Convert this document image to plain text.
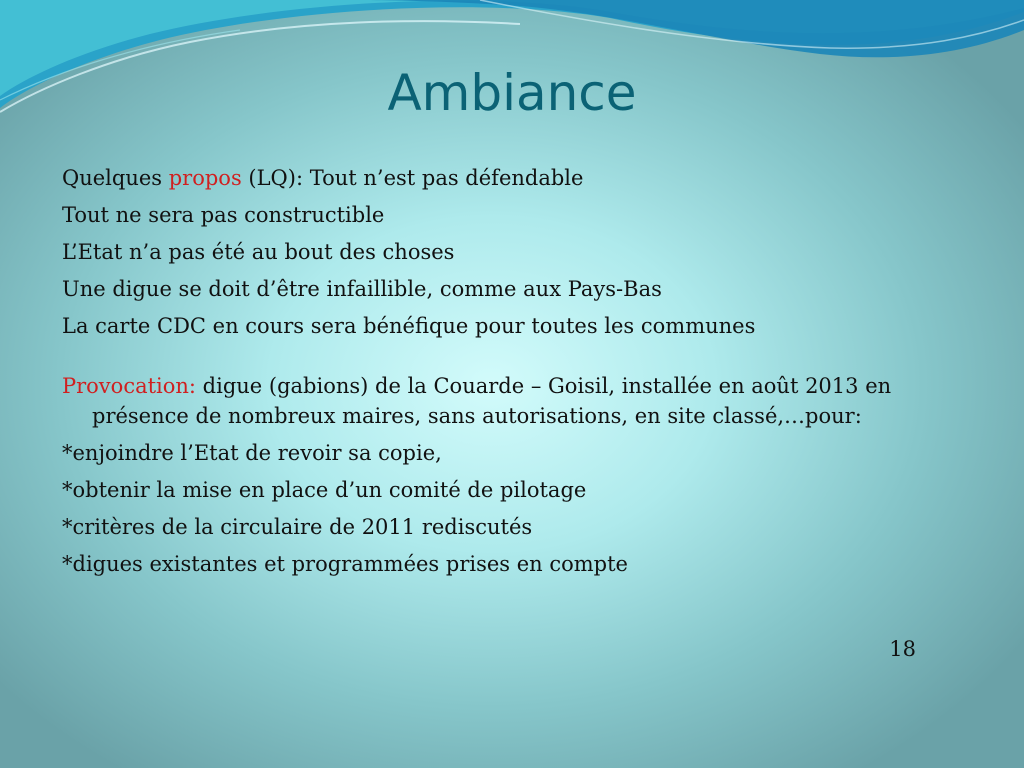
Ambiance

Quelques propos (LQ): Tout n’est pas défendable

Tout ne sera pas constructible

L’Etat n’a pas été au bout des choses

Une digue se doit d’être infaillible, comme aux Pays-Bas

La carte CDC en cours sera bénéfique pour toutes les communes

Provocation: digue (gabions) de la Couarde – Goisil, installée en août 2013 en présence de nombreux maires, sans autorisations, en site classé,…pour:

*enjoindre l’Etat de revoir sa copie,

*obtenir la mise en place d’un comité de pilotage

*critères de la circulaire de 2011 rediscutés

*digues existantes et programmées prises en compte

18
